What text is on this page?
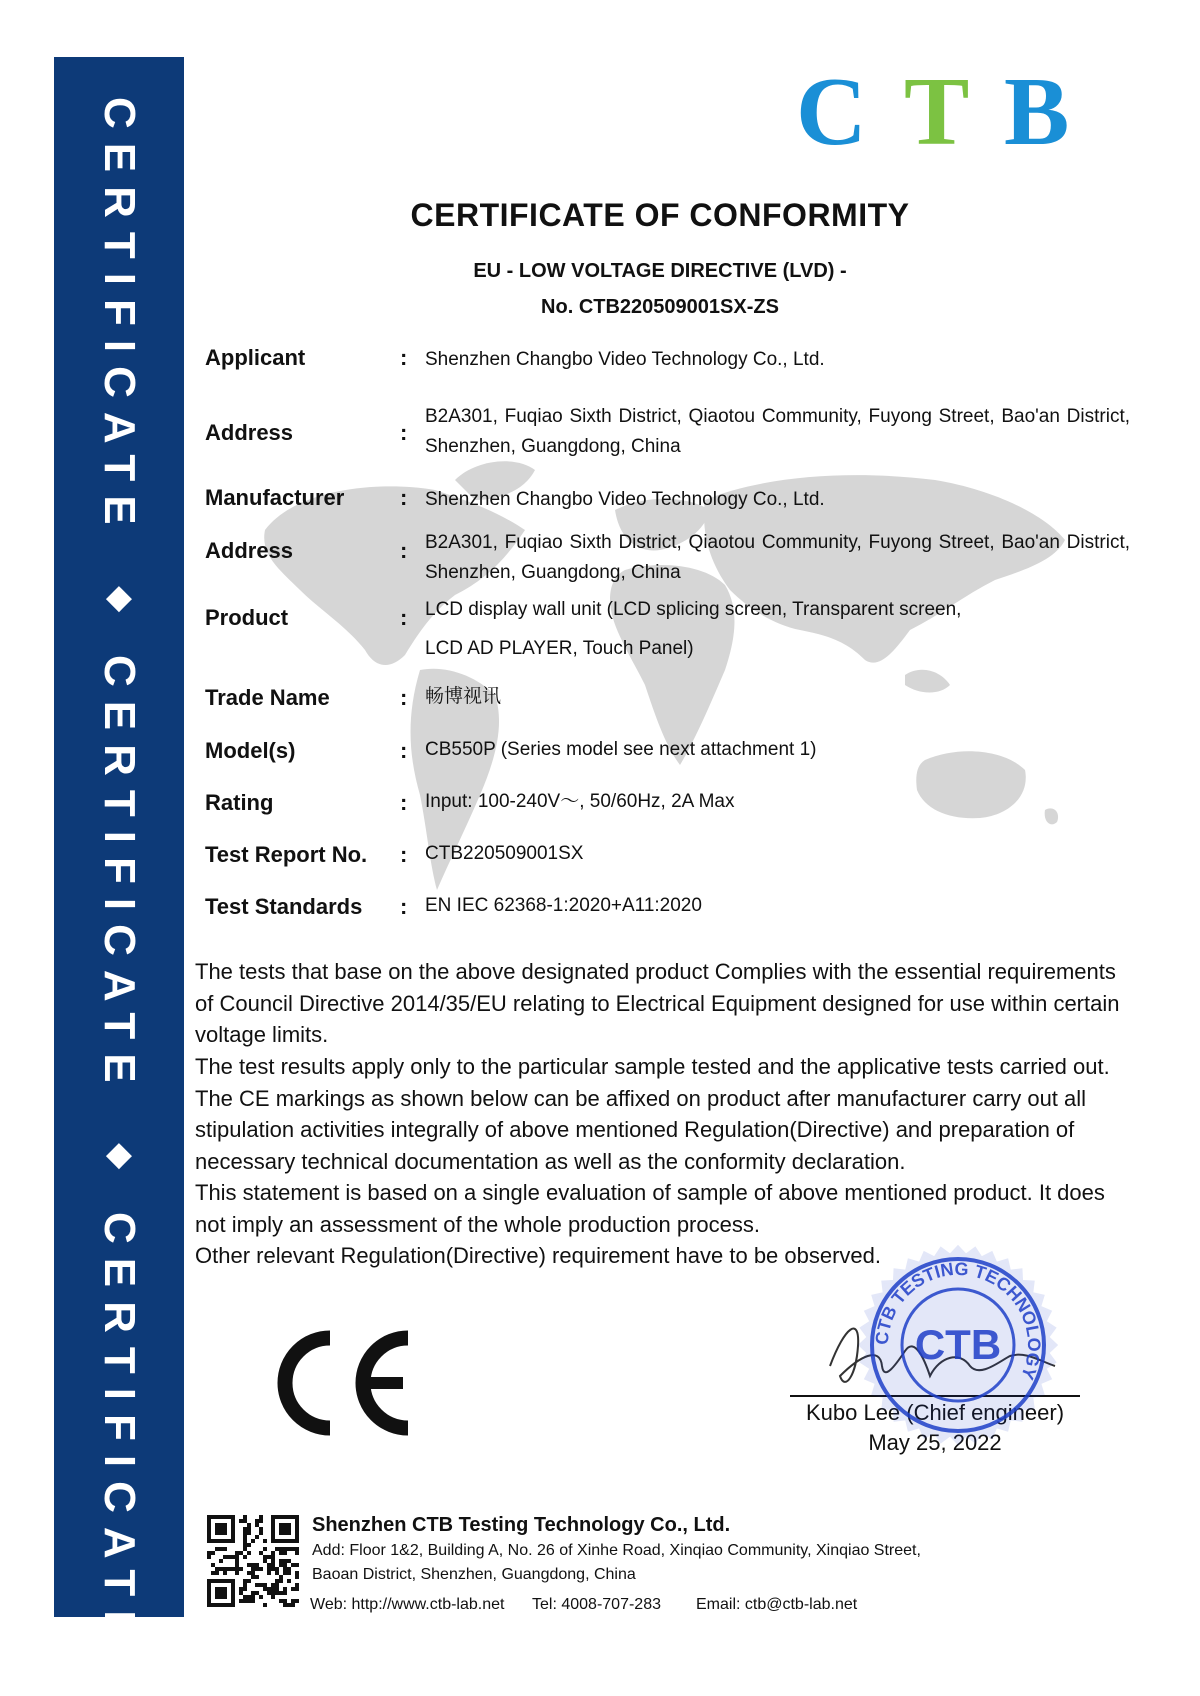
CERTIFICATE
◆
CERTIFICATE
◆
CERTIFICATE
C T B
CERTIFICATE OF CONFORMITY
EU - LOW VOLTAGE DIRECTIVE (LVD) -
No. CTB220509001SX-ZS
Applicant	: Shenzhen Changbo Video Technology Co., Ltd.
Address	:
B2A301, Fuqiao Sixth District, Qiaotou Community, Fuyong Street, Bao'an District, Shenzhen, Guangdong, China
Manufacturer	: Shenzhen Changbo Video Technology Co., Ltd.
Address	: B2A301, Fuqiao Sixth District, Qiaotou Community, Fuyong Street, Bao'an District, Shenzhen, Guangdong, China
Product	: LCD display wall unit (LCD splicing screen, Transparent screen,
LCD AD PLAYER, Touch Panel)
Trade Name	: 畅博视讯
Model(s)	: CB550P (Series model see next attachment 1)
Rating	: Input: 100-240V～, 50/60Hz, 2A Max
Test Report No. : CTB220509001SX
Test Standards : EN IEC 62368-1:2020+A11:2020
The tests that base on the above designated product Complies with the essential requirements of Council Directive 2014/35/EU relating to Electrical Equipment designed for use within certain voltage limits.
The test results apply only to the particular sample tested and the applicative tests carried out. The CE markings as shown below can be affixed on product after manufacturer carry out all stipulation activities integrally of above mentioned Regulation(Directive) and preparation of necessary technical documentation as well as the conformity declaration.
This statement is based on a single evaluation of sample of above mentioned product. It does not imply an assessment of the whole production process.
Other relevant Regulation(Directive) requirement have to be observed.
Kubo Lee (Chief engineer)
May 25, 2022
CTB TESTING TECHNOLOGY
CTB
Shenzhen CTB Testing Technology Co., Ltd.
Add: Floor 1&2, Building A, No. 26 of Xinhe Road, Xinqiao Community, Xinqiao Street,
Baoan District, Shenzhen, Guangdong, China
Web: http://www.ctb-lab.net Tel: 4008-707-283 Email: ctb@ctb-lab.net
